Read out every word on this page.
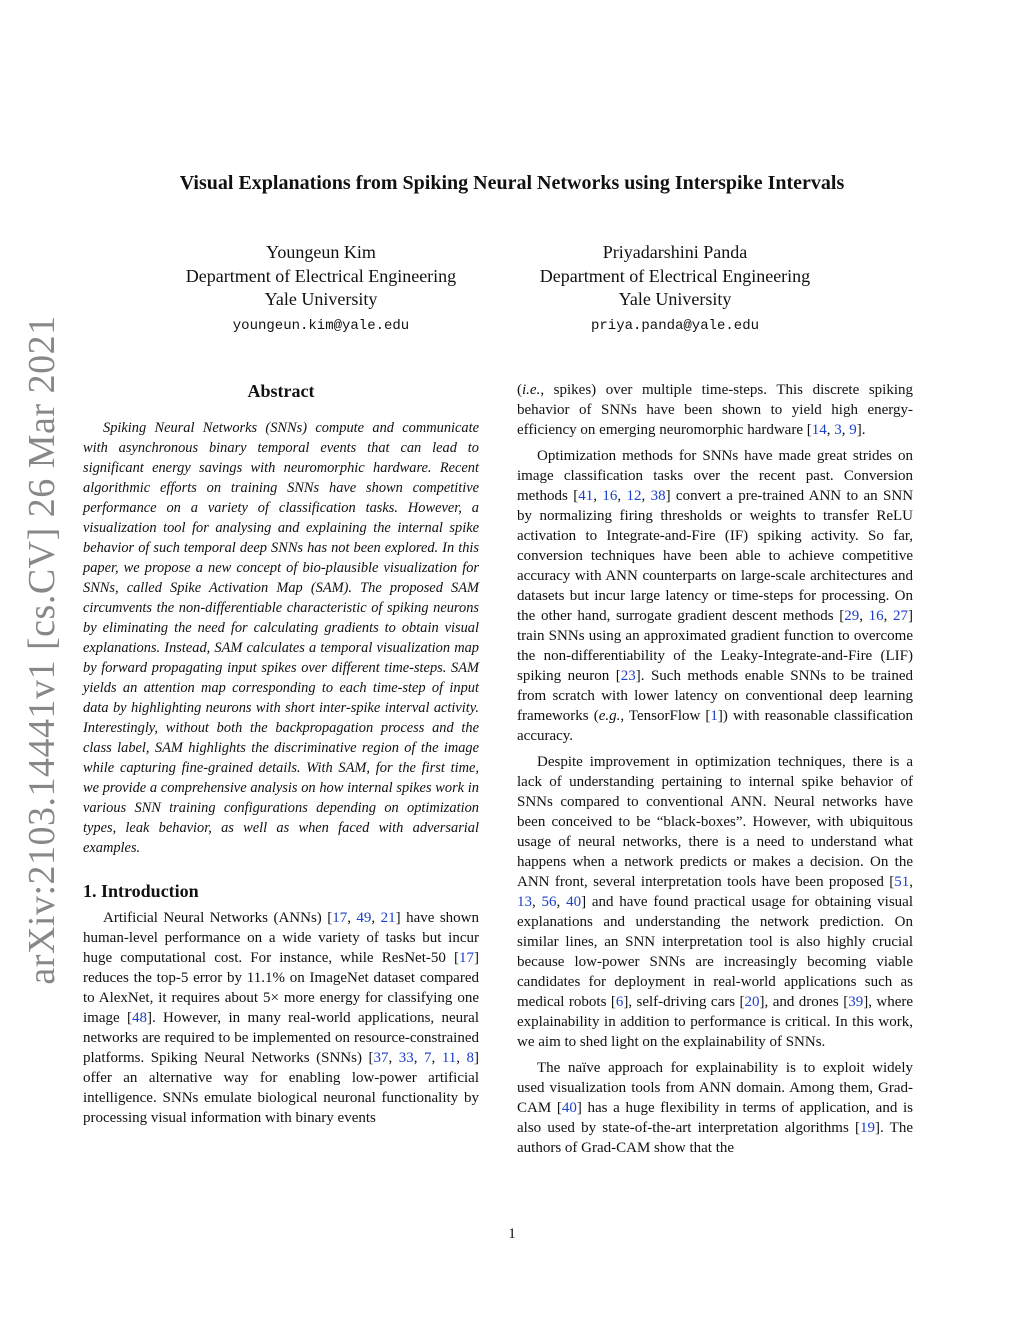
arXiv:2103.14441v1 [cs.CV] 26 Mar 2021
Visual Explanations from Spiking Neural Networks using Interspike Intervals
Youngeun Kim
Department of Electrical Engineering
Yale University
youngeun.kim@yale.edu
Priyadarshini Panda
Department of Electrical Engineering
Yale University
priya.panda@yale.edu
Abstract

Spiking Neural Networks (SNNs) compute and communicate with asynchronous binary temporal events that can lead to significant energy savings with neuromorphic hardware. Recent algorithmic efforts on training SNNs have shown competitive performance on a variety of classification tasks. However, a visualization tool for analysing and explaining the internal spike behavior of such temporal deep SNNs has not been explored. In this paper, we propose a new concept of bio-plausible visualization for SNNs, called Spike Activation Map (SAM). The proposed SAM circumvents the non-differentiable characteristic of spiking neurons by eliminating the need for calculating gradients to obtain visual explanations. Instead, SAM calculates a temporal visualization map by forward propagating input spikes over different time-steps. SAM yields an attention map corresponding to each time-step of input data by highlighting neurons with short inter-spike interval activity. Interestingly, without both the backpropagation process and the class label, SAM highlights the discriminative region of the image while capturing fine-grained details. With SAM, for the first time, we provide a comprehensive analysis on how internal spikes work in various SNN training configurations depending on optimization types, leak behavior, as well as when faced with adversarial examples.

1. Introduction

Artificial Neural Networks (ANNs) [17, 49, 21] have shown human-level performance on a wide variety of tasks but incur huge computational cost. For instance, while ResNet-50 [17] reduces the top-5 error by 11.1% on ImageNet dataset compared to AlexNet, it requires about 5× more energy for classifying one image [48]. However, in many real-world applications, neural networks are required to be implemented on resource-constrained platforms. Spiking Neural Networks (SNNs) [37, 33, 7, 11, 8] offer an alternative way for enabling low-power artificial intelligence. SNNs emulate biological neuronal functionality by processing visual information with binary events

(i.e., spikes) over multiple time-steps. This discrete spiking behavior of SNNs have been shown to yield high energy-efficiency on emerging neuromorphic hardware [14, 3, 9].

Optimization methods for SNNs have made great strides on image classification tasks over the recent past. Conversion methods [41, 16, 12, 38] convert a pre-trained ANN to an SNN by normalizing firing thresholds or weights to transfer ReLU activation to Integrate-and-Fire (IF) spiking activity. So far, conversion techniques have been able to achieve competitive accuracy with ANN counterparts on large-scale architectures and datasets but incur large latency or time-steps for processing. On the other hand, surrogate gradient descent methods [29, 16, 27] train SNNs using an approximated gradient function to overcome the non-differentiability of the Leaky-Integrate-and-Fire (LIF) spiking neuron [23]. Such methods enable SNNs to be trained from scratch with lower latency on conventional deep learning frameworks (e.g., TensorFlow [1]) with reasonable classification accuracy.

Despite improvement in optimization techniques, there is a lack of understanding pertaining to internal spike behavior of SNNs compared to conventional ANN. Neural networks have been conceived to be “black-boxes”. However, with ubiquitous usage of neural networks, there is a need to understand what happens when a network predicts or makes a decision. On the ANN front, several interpretation tools have been proposed [51, 13, 56, 40] and have found practical usage for obtaining visual explanations and understanding the network prediction. On similar lines, an SNN interpretation tool is also highly crucial because low-power SNNs are increasingly becoming viable candidates for deployment in real-world applications such as medical robots [6], self-driving cars [20], and drones [39], where explainability in addition to performance is critical. In this work, we aim to shed light on the explainability of SNNs.

The naïve approach for explainability is to exploit widely used visualization tools from ANN domain. Among them, Grad-CAM [40] has a huge flexibility in terms of application, and is also used by state-of-the-art interpretation algorithms [19]. The authors of Grad-CAM show that the

1
